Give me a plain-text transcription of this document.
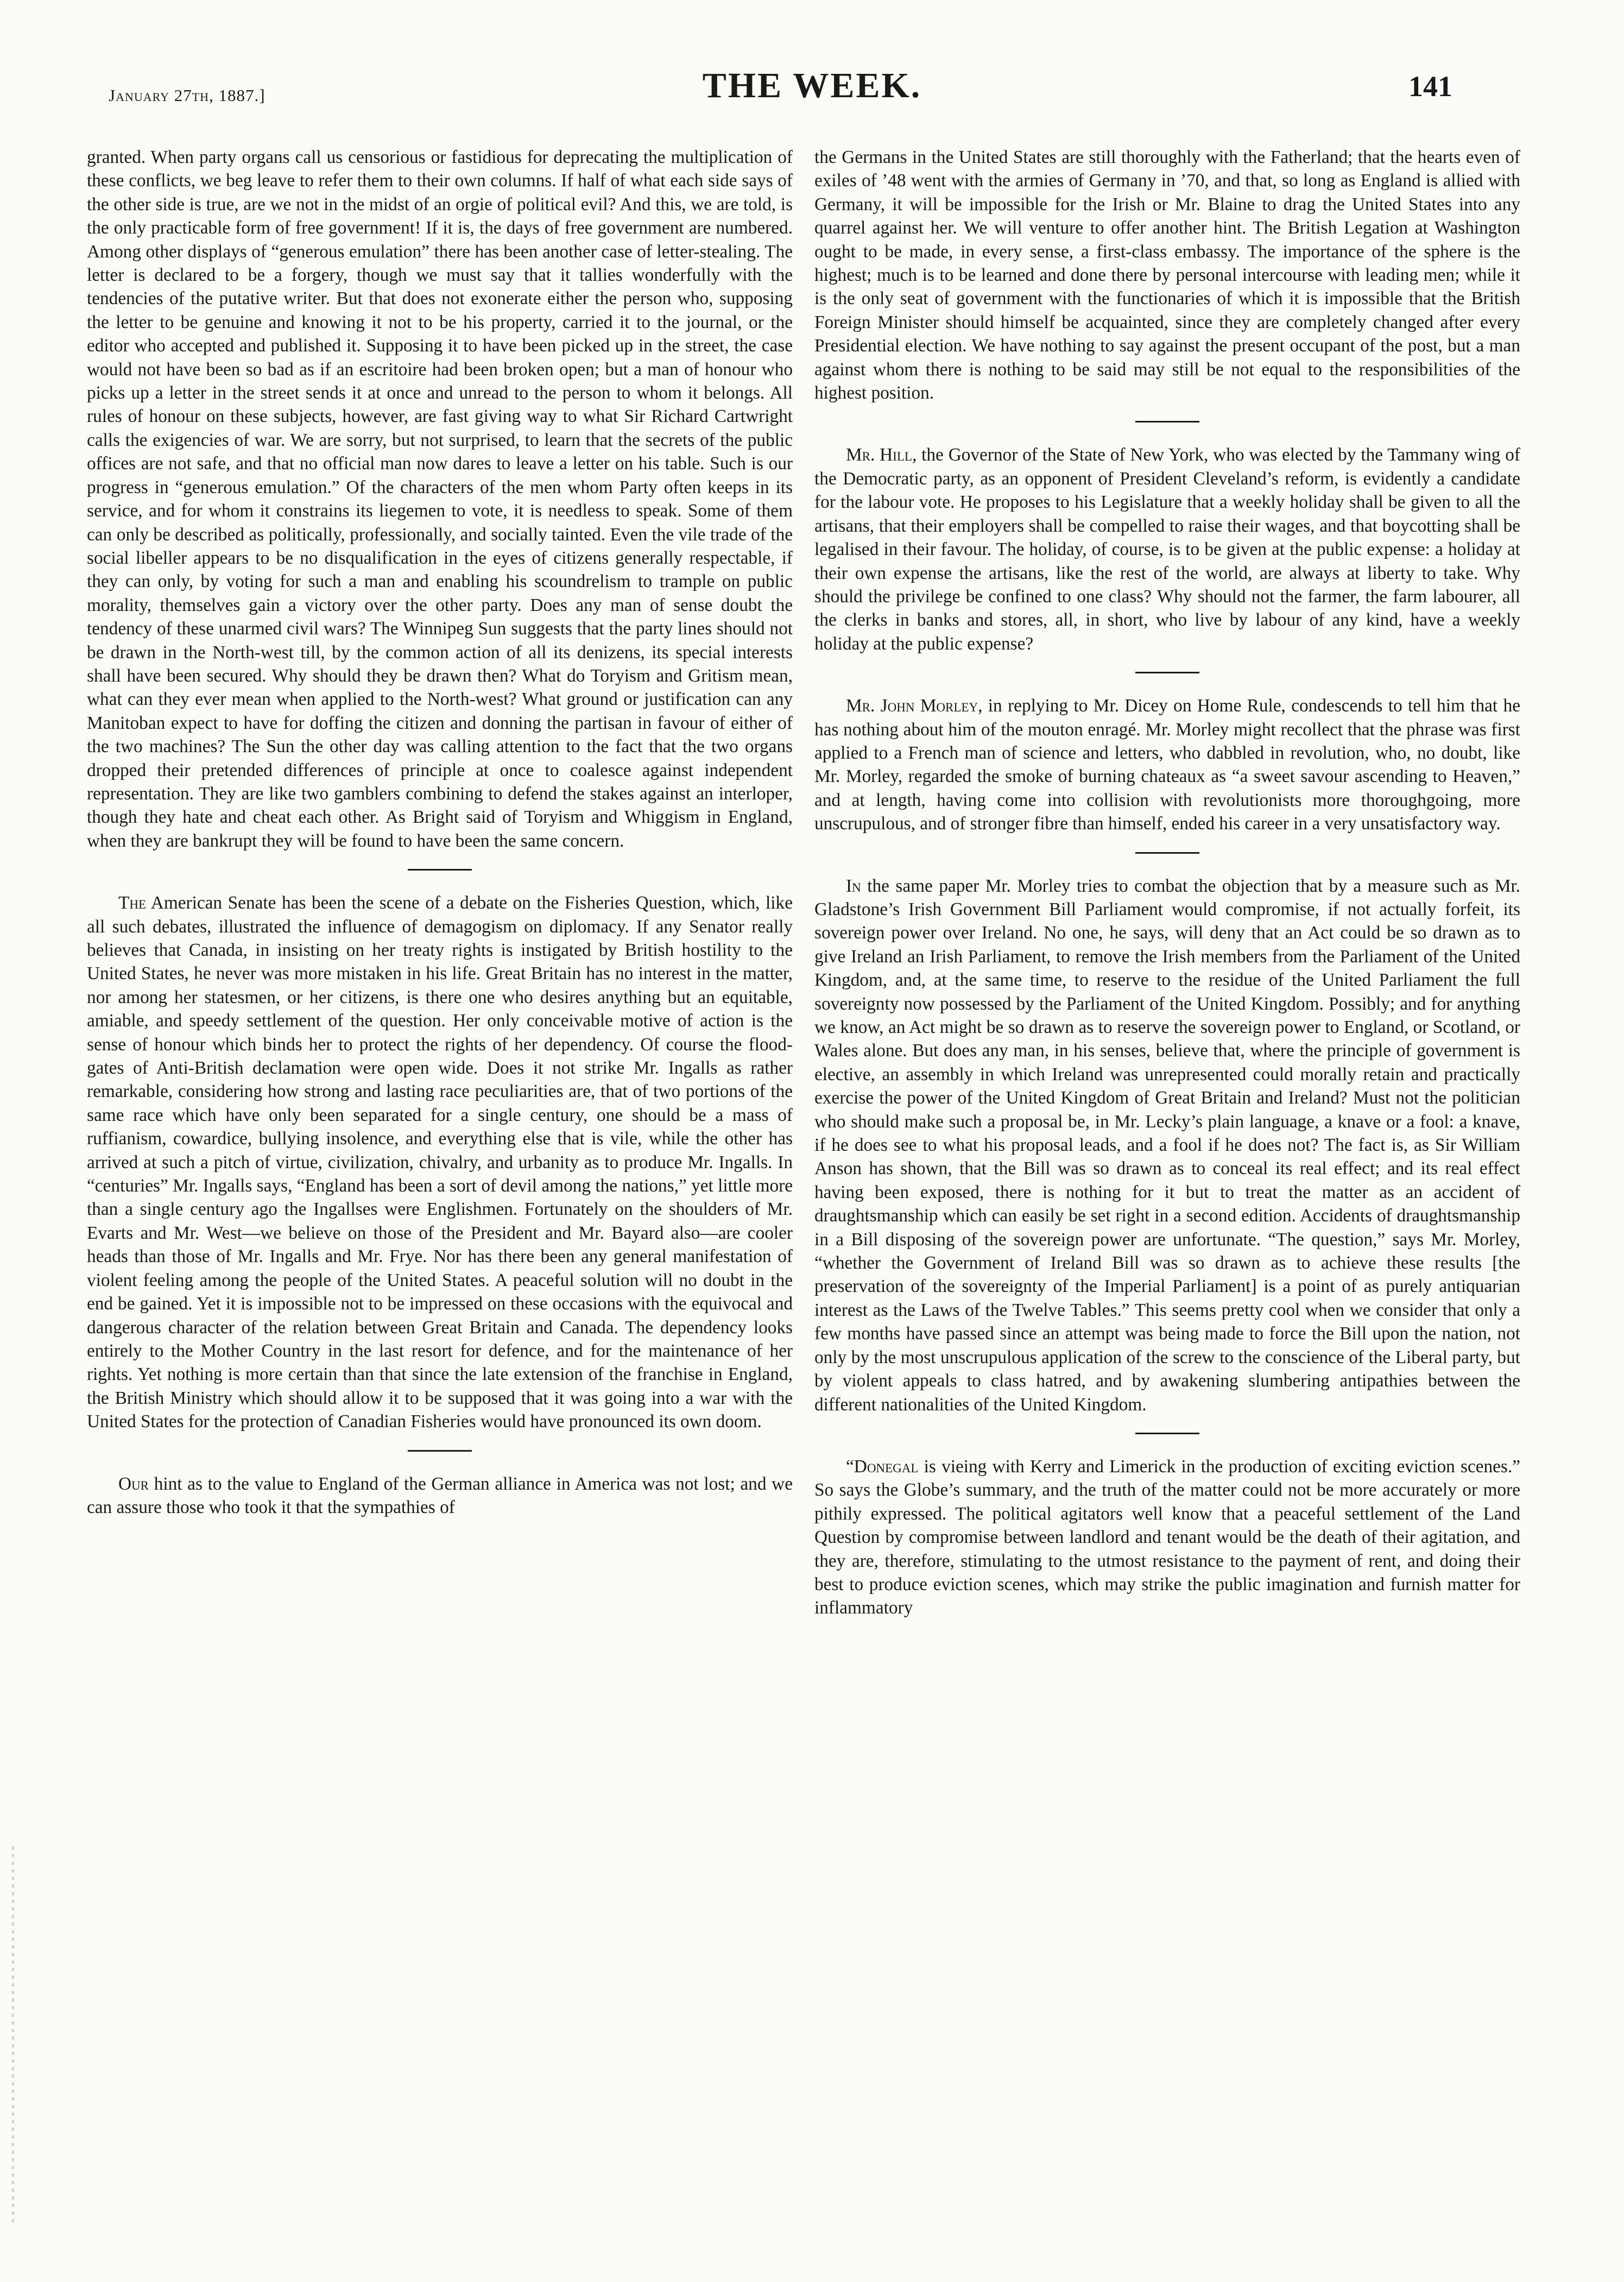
January 27th, 1887.]	THE WEEK.	141

granted. When party organs call us censorious or fastidious for deprecating the multiplication of these conflicts, we beg leave to refer them to their own columns. If half of what each side says of the other side is true, are we not in the midst of an orgie of political evil? And this, we are told, is the only practicable form of free government! If it is, the days of free government are numbered. Among other displays of “generous emulation” there has been another case of letter-stealing. The letter is declared to be a forgery, though we must say that it tallies wonderfully with the tendencies of the putative writer. But that does not exonerate either the person who, supposing the letter to be genuine and knowing it not to be his property, carried it to the journal, or the editor who accepted and published it. Supposing it to have been picked up in the street, the case would not have been so bad as if an escritoire had been broken open; but a man of honour who picks up a letter in the street sends it at once and unread to the person to whom it belongs. All rules of honour on these subjects, however, are fast giving way to what Sir Richard Cartwright calls the exigencies of war. We are sorry, but not surprised, to learn that the secrets of the public offices are not safe, and that no official man now dares to leave a letter on his table. Such is our progress in “generous emulation.” Of the characters of the men whom Party often keeps in its service, and for whom it constrains its liegemen to vote, it is needless to speak. Some of them can only be described as politically, professionally, and socially tainted. Even the vile trade of the social libeller appears to be no disqualification in the eyes of citizens generally respectable, if they can only, by voting for such a man and enabling his scoundrelism to trample on public morality, themselves gain a victory over the other party. Does any man of sense doubt the tendency of these unarmed civil wars? The Winnipeg Sun suggests that the party lines should not be drawn in the North-west till, by the common action of all its denizens, its special interests shall have been secured. Why should they be drawn then? What do Toryism and Gritism mean, what can they ever mean when applied to the North-west? What ground or justification can any Manitoban expect to have for doffing the citizen and donning the partisan in favour of either of the two machines? The Sun the other day was calling attention to the fact that the two organs dropped their pretended differences of principle at once to coalesce against independent representation. They are like two gamblers combining to defend the stakes against an interloper, though they hate and cheat each other. As Bright said of Toryism and Whiggism in England, when they are bankrupt they will be found to have been the same concern.

The American Senate has been the scene of a debate on the Fisheries Question, which, like all such debates, illustrated the influence of demagogism on diplomacy. If any Senator really believes that Canada, in insisting on her treaty rights is instigated by British hostility to the United States, he never was more mistaken in his life. Great Britain has no interest in the matter, nor among her statesmen, or her citizens, is there one who desires anything but an equitable, amiable, and speedy settlement of the question. Her only conceivable motive of action is the sense of honour which binds her to protect the rights of her dependency. Of course the flood-gates of Anti-British declamation were open wide. Does it not strike Mr. Ingalls as rather remarkable, considering how strong and lasting race peculiarities are, that of two portions of the same race which have only been separated for a single century, one should be a mass of ruffianism, cowardice, bullying insolence, and everything else that is vile, while the other has arrived at such a pitch of virtue, civilization, chivalry, and urbanity as to produce Mr. Ingalls. In “centuries” Mr. Ingalls says, “England has been a sort of devil among the nations,” yet little more than a single century ago the Ingallses were Englishmen. Fortunately on the shoulders of Mr. Evarts and Mr. West—we believe on those of the President and Mr. Bayard also—are cooler heads than those of Mr. Ingalls and Mr. Frye. Nor has there been any general manifestation of violent feeling among the people of the United States. A peaceful solution will no doubt in the end be gained. Yet it is impossible not to be impressed on these occasions with the equivocal and dangerous character of the relation between Great Britain and Canada. The dependency looks entirely to the Mother Country in the last resort for defence, and for the maintenance of her rights. Yet nothing is more certain than that since the late extension of the franchise in England, the British Ministry which should allow it to be supposed that it was going into a war with the United States for the protection of Canadian Fisheries would have pronounced its own doom.

Our hint as to the value to England of the German alliance in America was not lost; and we can assure those who took it that the sympathies of

the Germans in the United States are still thoroughly with the Fatherland; that the hearts even of exiles of ’48 went with the armies of Germany in ’70, and that, so long as England is allied with Germany, it will be impossible for the Irish or Mr. Blaine to drag the United States into any quarrel against her. We will venture to offer another hint. The British Legation at Washington ought to be made, in every sense, a first-class embassy. The importance of the sphere is the highest; much is to be learned and done there by personal intercourse with leading men; while it is the only seat of government with the functionaries of which it is impossible that the British Foreign Minister should himself be acquainted, since they are completely changed after every Presidential election. We have nothing to say against the present occupant of the post, but a man against whom there is nothing to be said may still be not equal to the responsibilities of the highest position.

Mr. Hill, the Governor of the State of New York, who was elected by the Tammany wing of the Democratic party, as an opponent of President Cleveland’s reform, is evidently a candidate for the labour vote. He proposes to his Legislature that a weekly holiday shall be given to all the artisans, that their employers shall be compelled to raise their wages, and that boycotting shall be legalised in their favour. The holiday, of course, is to be given at the public expense: a holiday at their own expense the artisans, like the rest of the world, are always at liberty to take. Why should the privilege be confined to one class? Why should not the farmer, the farm labourer, all the clerks in banks and stores, all, in short, who live by labour of any kind, have a weekly holiday at the public expense?

Mr. John Morley, in replying to Mr. Dicey on Home Rule, condescends to tell him that he has nothing about him of the mouton enragé. Mr. Morley might recollect that the phrase was first applied to a French man of science and letters, who dabbled in revolution, who, no doubt, like Mr. Morley, regarded the smoke of burning chateaux as “a sweet savour ascending to Heaven,” and at length, having come into collision with revolutionists more thoroughgoing, more unscrupulous, and of stronger fibre than himself, ended his career in a very unsatisfactory way.

In the same paper Mr. Morley tries to combat the objection that by a measure such as Mr. Gladstone’s Irish Government Bill Parliament would compromise, if not actually forfeit, its sovereign power over Ireland. No one, he says, will deny that an Act could be so drawn as to give Ireland an Irish Parliament, to remove the Irish members from the Parliament of the United Kingdom, and, at the same time, to reserve to the residue of the United Parliament the full sovereignty now possessed by the Parliament of the United Kingdom. Possibly; and for anything we know, an Act might be so drawn as to reserve the sovereign power to England, or Scotland, or Wales alone. But does any man, in his senses, believe that, where the principle of government is elective, an assembly in which Ireland was unrepresented could morally retain and practically exercise the power of the United Kingdom of Great Britain and Ireland? Must not the politician who should make such a proposal be, in Mr. Lecky’s plain language, a knave or a fool: a knave, if he does see to what his proposal leads, and a fool if he does not? The fact is, as Sir William Anson has shown, that the Bill was so drawn as to conceal its real effect; and its real effect having been exposed, there is nothing for it but to treat the matter as an accident of draughtsmanship which can easily be set right in a second edition. Accidents of draughtsmanship in a Bill disposing of the sovereign power are unfortunate. “The question,” says Mr. Morley, “whether the Government of Ireland Bill was so drawn as to achieve these results [the preservation of the sovereignty of the Imperial Parliament] is a point of as purely antiquarian interest as the Laws of the Twelve Tables.” This seems pretty cool when we consider that only a few months have passed since an attempt was being made to force the Bill upon the nation, not only by the most unscrupulous application of the screw to the conscience of the Liberal party, but by violent appeals to class hatred, and by awakening slumbering antipathies between the different nationalities of the United Kingdom.

“Donegal is vieing with Kerry and Limerick in the production of exciting eviction scenes.” So says the Globe’s summary, and the truth of the matter could not be more accurately or more pithily expressed. The political agitators well know that a peaceful settlement of the Land Question by compromise between landlord and tenant would be the death of their agitation, and they are, therefore, stimulating to the utmost resistance to the payment of rent, and doing their best to produce eviction scenes, which may strike the public imagination and furnish matter for inflammatory
